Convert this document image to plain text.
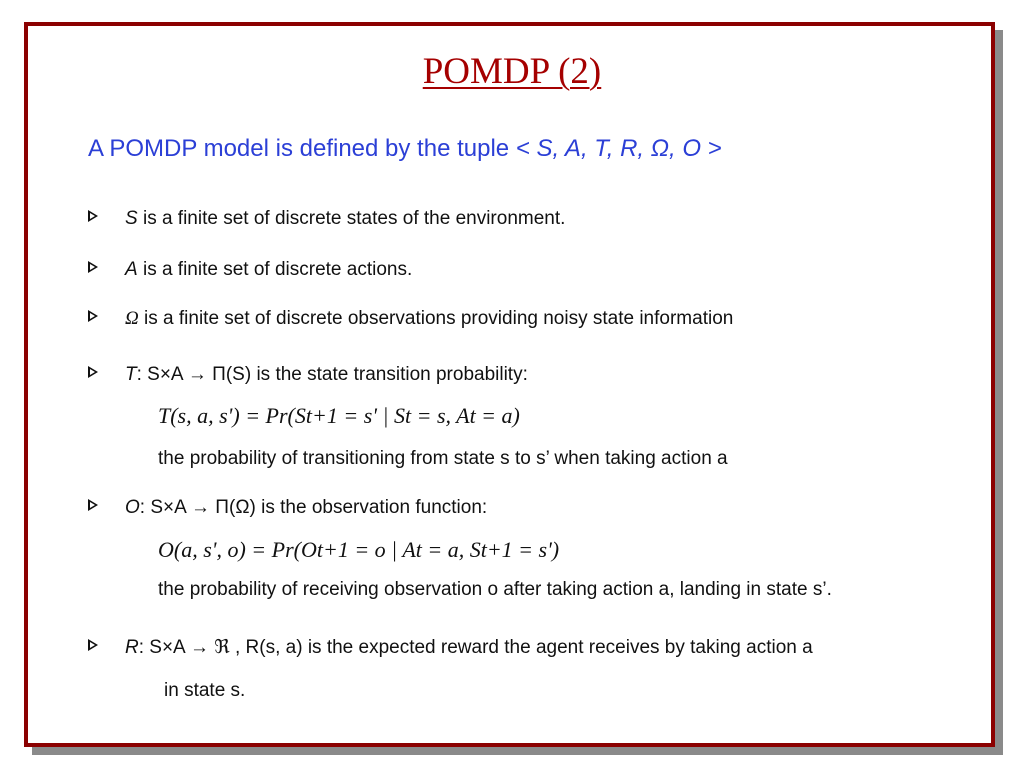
POMDP (2)
A POMDP model is defined by the tuple < S, A, T, R, Ω, O >
S is a finite set of discrete states of the environment.
A is a finite set of discrete actions.
Ω is a finite set of discrete observations providing noisy state information
T: S×A → Π(S) is the state transition probability:
T(s, a, s') = Pr(St+1 = s' | St = s, At = a)
the probability of transitioning from state s to s’ when taking action a
O: S×A → Π(Ω) is the observation function:
O(a, s', o) = Pr(Ot+1 = o | At = a, St+1 = s')
the probability of receiving observation o after taking action a, landing in state s’.
R: S×A → ℜ , R(s, a) is the expected reward the agent receives by taking action a
in state s.
